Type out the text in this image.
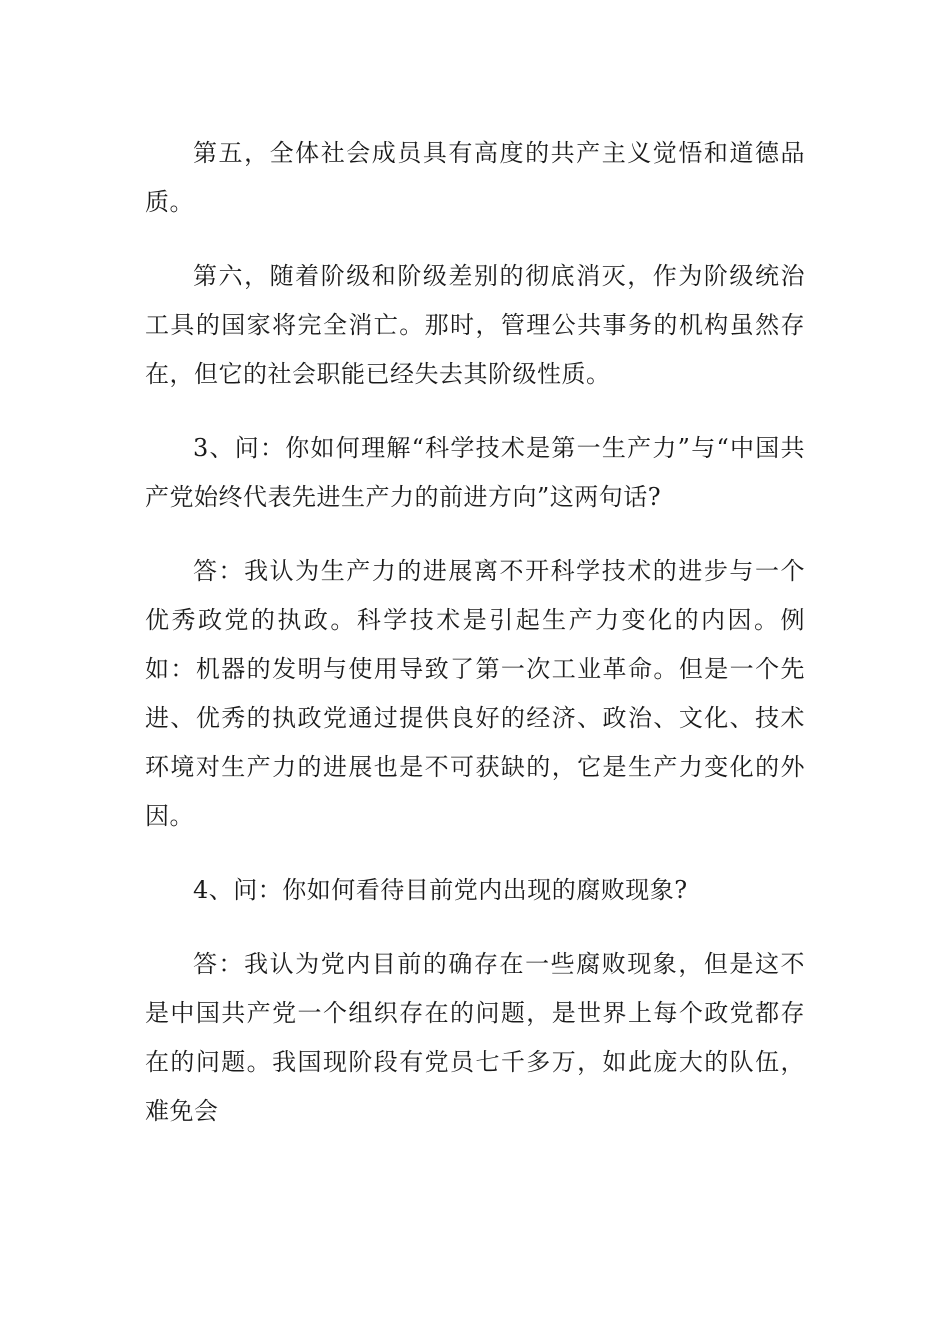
第五，全体社会成员具有高度的共产主义觉悟和道德品质。

第六，随着阶级和阶级差别的彻底消灭，作为阶级统治工具的国家将完全消亡。那时，管理公共事务的机构虽然存在，但它的社会职能已经失去其阶级性质。

3、问：你如何理解“科学技术是第一生产力”与“中国共产党始终代表先进生产力的前进方向”这两句话?

答：我认为生产力的进展离不开科学技术的进步与一个优秀政党的执政。科学技术是引起生产力变化的内因。例如：机器的发明与使用导致了第一次工业革命。但是一个先进、优秀的执政党通过提供良好的经济、政治、文化、技术环境对生产力的进展也是不可获缺的，它是生产力变化的外因。

4、问：你如何看待目前党内出现的腐败现象?

答：我认为党内目前的确存在一些腐败现象，但是这不是中国共产党一个组织存在的问题，是世界上每个政党都存在的问题。我国现阶段有党员七千多万，如此庞大的队伍，难免会
